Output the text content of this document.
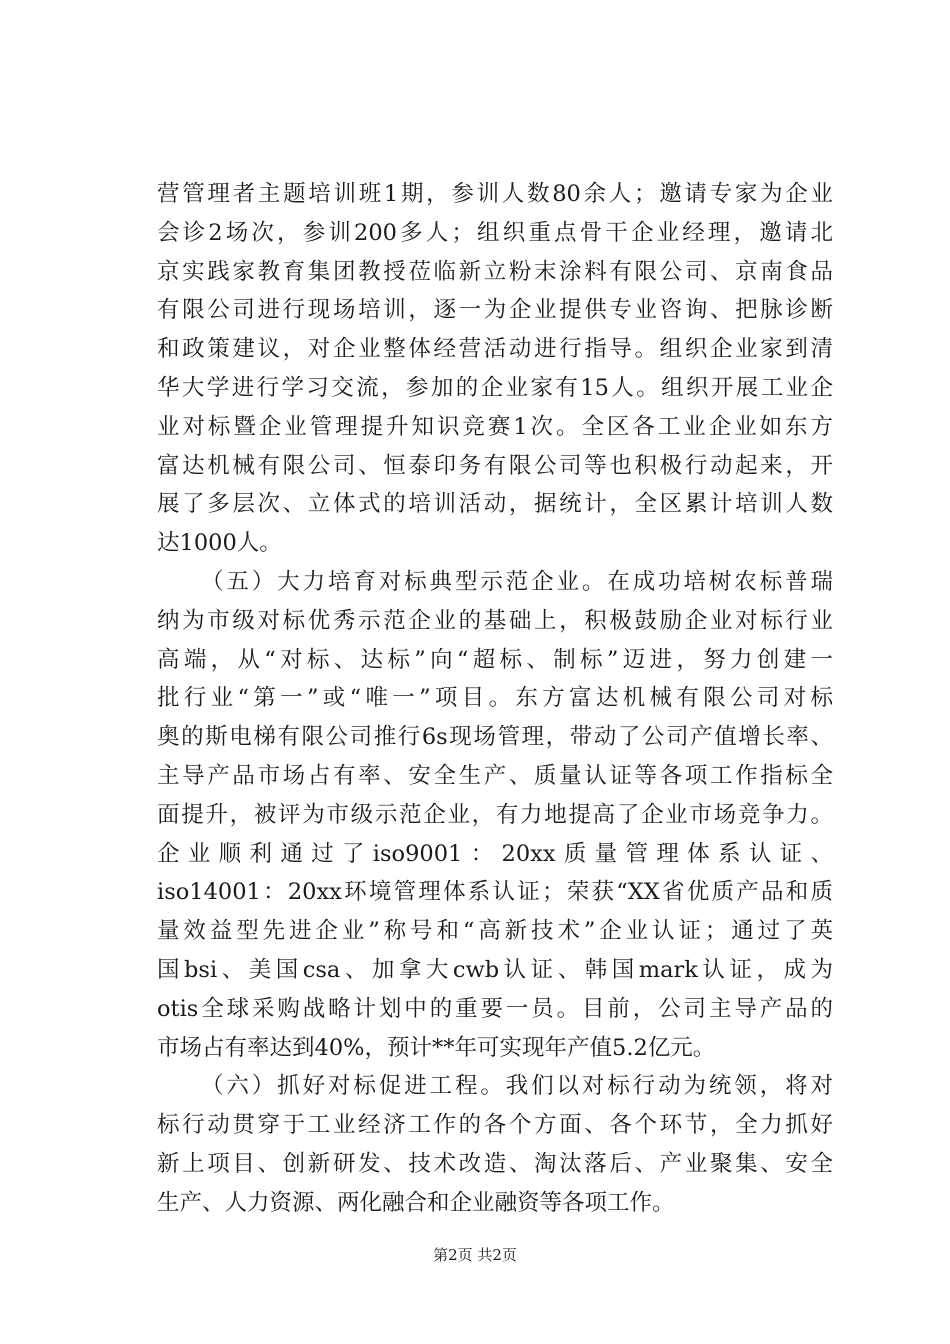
营管理者主题培训班1期，参训人数80余人；邀请专家为企业
会诊2场次，参训200多人；组织重点骨干企业经理，邀请北
京实践家教育集团教授莅临新立粉末涂料有限公司、京南食品
有限公司进行现场培训，逐一为企业提供专业咨询、把脉诊断
和政策建议，对企业整体经营活动进行指导。组织企业家到清
华大学进行学习交流，参加的企业家有15人。组织开展工业企
业对标暨企业管理提升知识竞赛1次。全区各工业企业如东方
富达机械有限公司、恒泰印务有限公司等也积极行动起来，开
展了多层次、立体式的培训活动，据统计，全区累计培训人数
达1000人。
（五）大力培育对标典型示范企业。在成功培树农标普瑞
纳为市级对标优秀示范企业的基础上，积极鼓励企业对标行业
高端，从“对标、达标”向“超标、制标”迈进，努力创建一
批行业“第一”或“唯一”项目。东方富达机械有限公司对标
奥的斯电梯有限公司推行6s现场管理，带动了公司产值增长率、
主导产品市场占有率、安全生产、质量认证等各项工作指标全
面提升，被评为市级示范企业，有力地提高了企业市场竞争力。
企业顺利通过了iso9001：20xx质量管理体系认证、
iso14001：20xx环境管理体系认证；荣获“XX省优质产品和质
量效益型先进企业”称号和“高新技术”企业认证；通过了英
国bsi、美国csa、加拿大cwb认证、韩国mark认证，成为
otis全球采购战略计划中的重要一员。目前，公司主导产品的
市场占有率达到40%，预计**年可实现年产值5.2亿元。
（六）抓好对标促进工程。我们以对标行动为统领，将对
标行动贯穿于工业经济工作的各个方面、各个环节，全力抓好
新上项目、创新研发、技术改造、淘汰落后、产业聚集、安全
生产、人力资源、两化融合和企业融资等各项工作。
第2页 共2页
